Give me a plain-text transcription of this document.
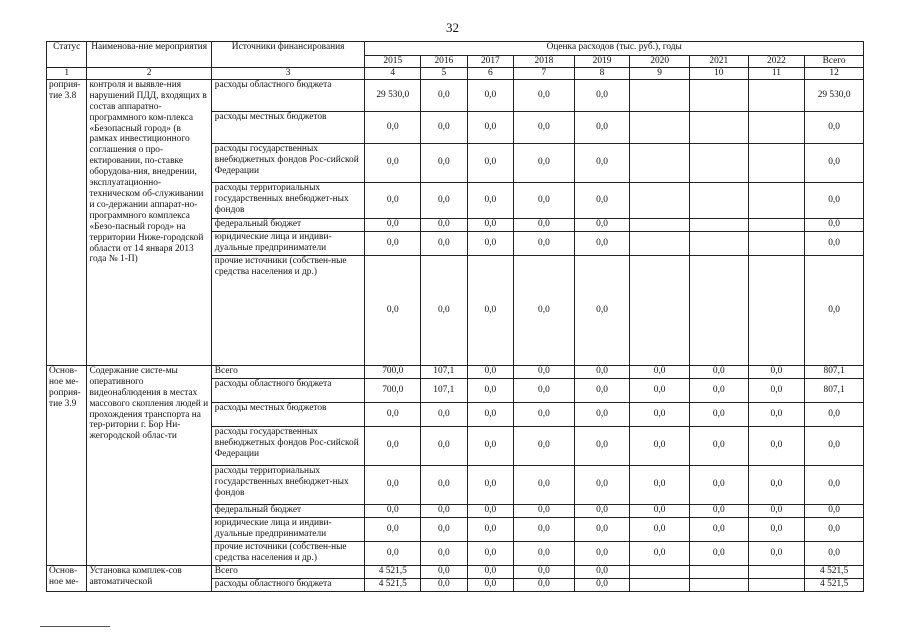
32
Статус	Наименова-ние мероприятия	Источники финансирования	Оценка расходов (тыс. руб.), годы								
			2015	2016	2017	2018	2019	2020	2021	2022	Всего
1	2	3	4	5	6	7	8	9	10	11	12
роприя-тие 3.8	контроля и выявле-ния нарушений ПДД, входящих в состав аппаратно-программного ком-плекса «Безопасный город» (в рамках инвестиционного соглашения о про-ектировании, по-ставке оборудова-ния, внедрении, эксплуатационно-техническом об-служивании и со-держании аппарат-но-программного комплекса «Безо-пасный город» на территории Ниже-городской области от 14 января 2013 года № 1-П)	расходы областного бюджета	29 530,0	0,0	0,0	0,0	0,0				29 530,0
		расходы местных бюджетов	0,0	0,0	0,0	0,0	0,0				0,0
		расходы государственных внебюджетных фондов Рос-сийской Федерации	0,0	0,0	0,0	0,0	0,0				0,0
		расходы территориальных государственных внебюджет-ных фондов	0,0	0,0	0,0	0,0	0,0				0,0
		федеральный бюджет	0,0	0,0	0,0	0,0	0,0				0,0
		юридические лица и индиви-дуальные предприниматели	0,0	0,0	0,0	0,0	0,0				0,0
		прочие источники (собствен-ные средства населения и др.)	0,0	0,0	0,0	0,0	0,0				0,0
Основ-ное ме-роприя-тие 3.9	Содержание систе-мы оперативного видеонаблюдения в местах массового скопления людей и прохождения транспорта на тер-ритории г. Бор Ни-жегородской облас-ти	Всего	700,0	107,1	0,0	0,0	0,0	0,0	0,0	0,0	807,1
		расходы областного бюджета	700,0	107,1	0,0	0,0	0,0	0,0	0,0	0,0	807,1
		расходы местных бюджетов	0,0	0,0	0,0	0,0	0,0	0,0	0,0	0,0	0,0
		расходы государственных внебюджетных фондов Рос-сийской Федерации	0,0	0,0	0,0	0,0	0,0	0,0	0,0	0,0	0,0
		расходы территориальных государственных внебюджет-ных фондов	0,0	0,0	0,0	0,0	0,0	0,0	0,0	0,0	0,0
		федеральный бюджет	0,0	0,0	0,0	0,0	0,0	0,0	0,0	0,0	0,0
		юридические лица и индиви-дуальные предприниматели	0,0	0,0	0,0	0,0	0,0	0,0	0,0	0,0	0,0
		прочие источники (собствен-ные средства населения и др.)	0,0	0,0	0,0	0,0	0,0	0,0	0,0	0,0	0,0
Основ-ное ме-	Установка комплек-сов автоматической	Всего	4 521,5	0,0	0,0	0,0	0,0				4 521,5
		расходы областного бюджета	4 521,5	0,0	0,0	0,0	0,0				4 521,5
